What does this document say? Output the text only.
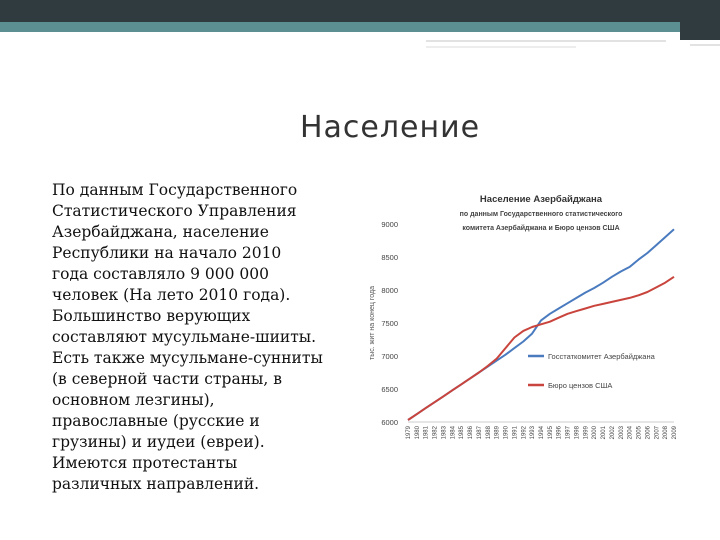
Население
По данным Государственного
Статистического Управления
Азербайджана, население
Республики на начало 2010
года составляло 9 000 000
человек (На лето 2010 года).
Большинство верующих
составляют мусульмане-шииты.
Есть также мусульмане-сунниты
(в северной части страны, в
основном лезгины),
православные (русские и
грузины) и иудеи (евреи).
Имеются протестанты
различных направлений.
Население Азербайджана
по данным Государственного статистического
комитета Азербайджана и Бюро цензов США
тыс. жит на конец года
6000
6500
7000
7500
8000
8500
9000
1979 1980 1981 1982 1983 1984 1985 1986 1987 1988 1989 1990 1991 1992 1993 1994 1995 1996 1997 1998 1999 2000 2001 2002 2003 2004 2005 2006 2007 2008 2009
Госстаткомитет Азербайджана
Бюро цензов США
